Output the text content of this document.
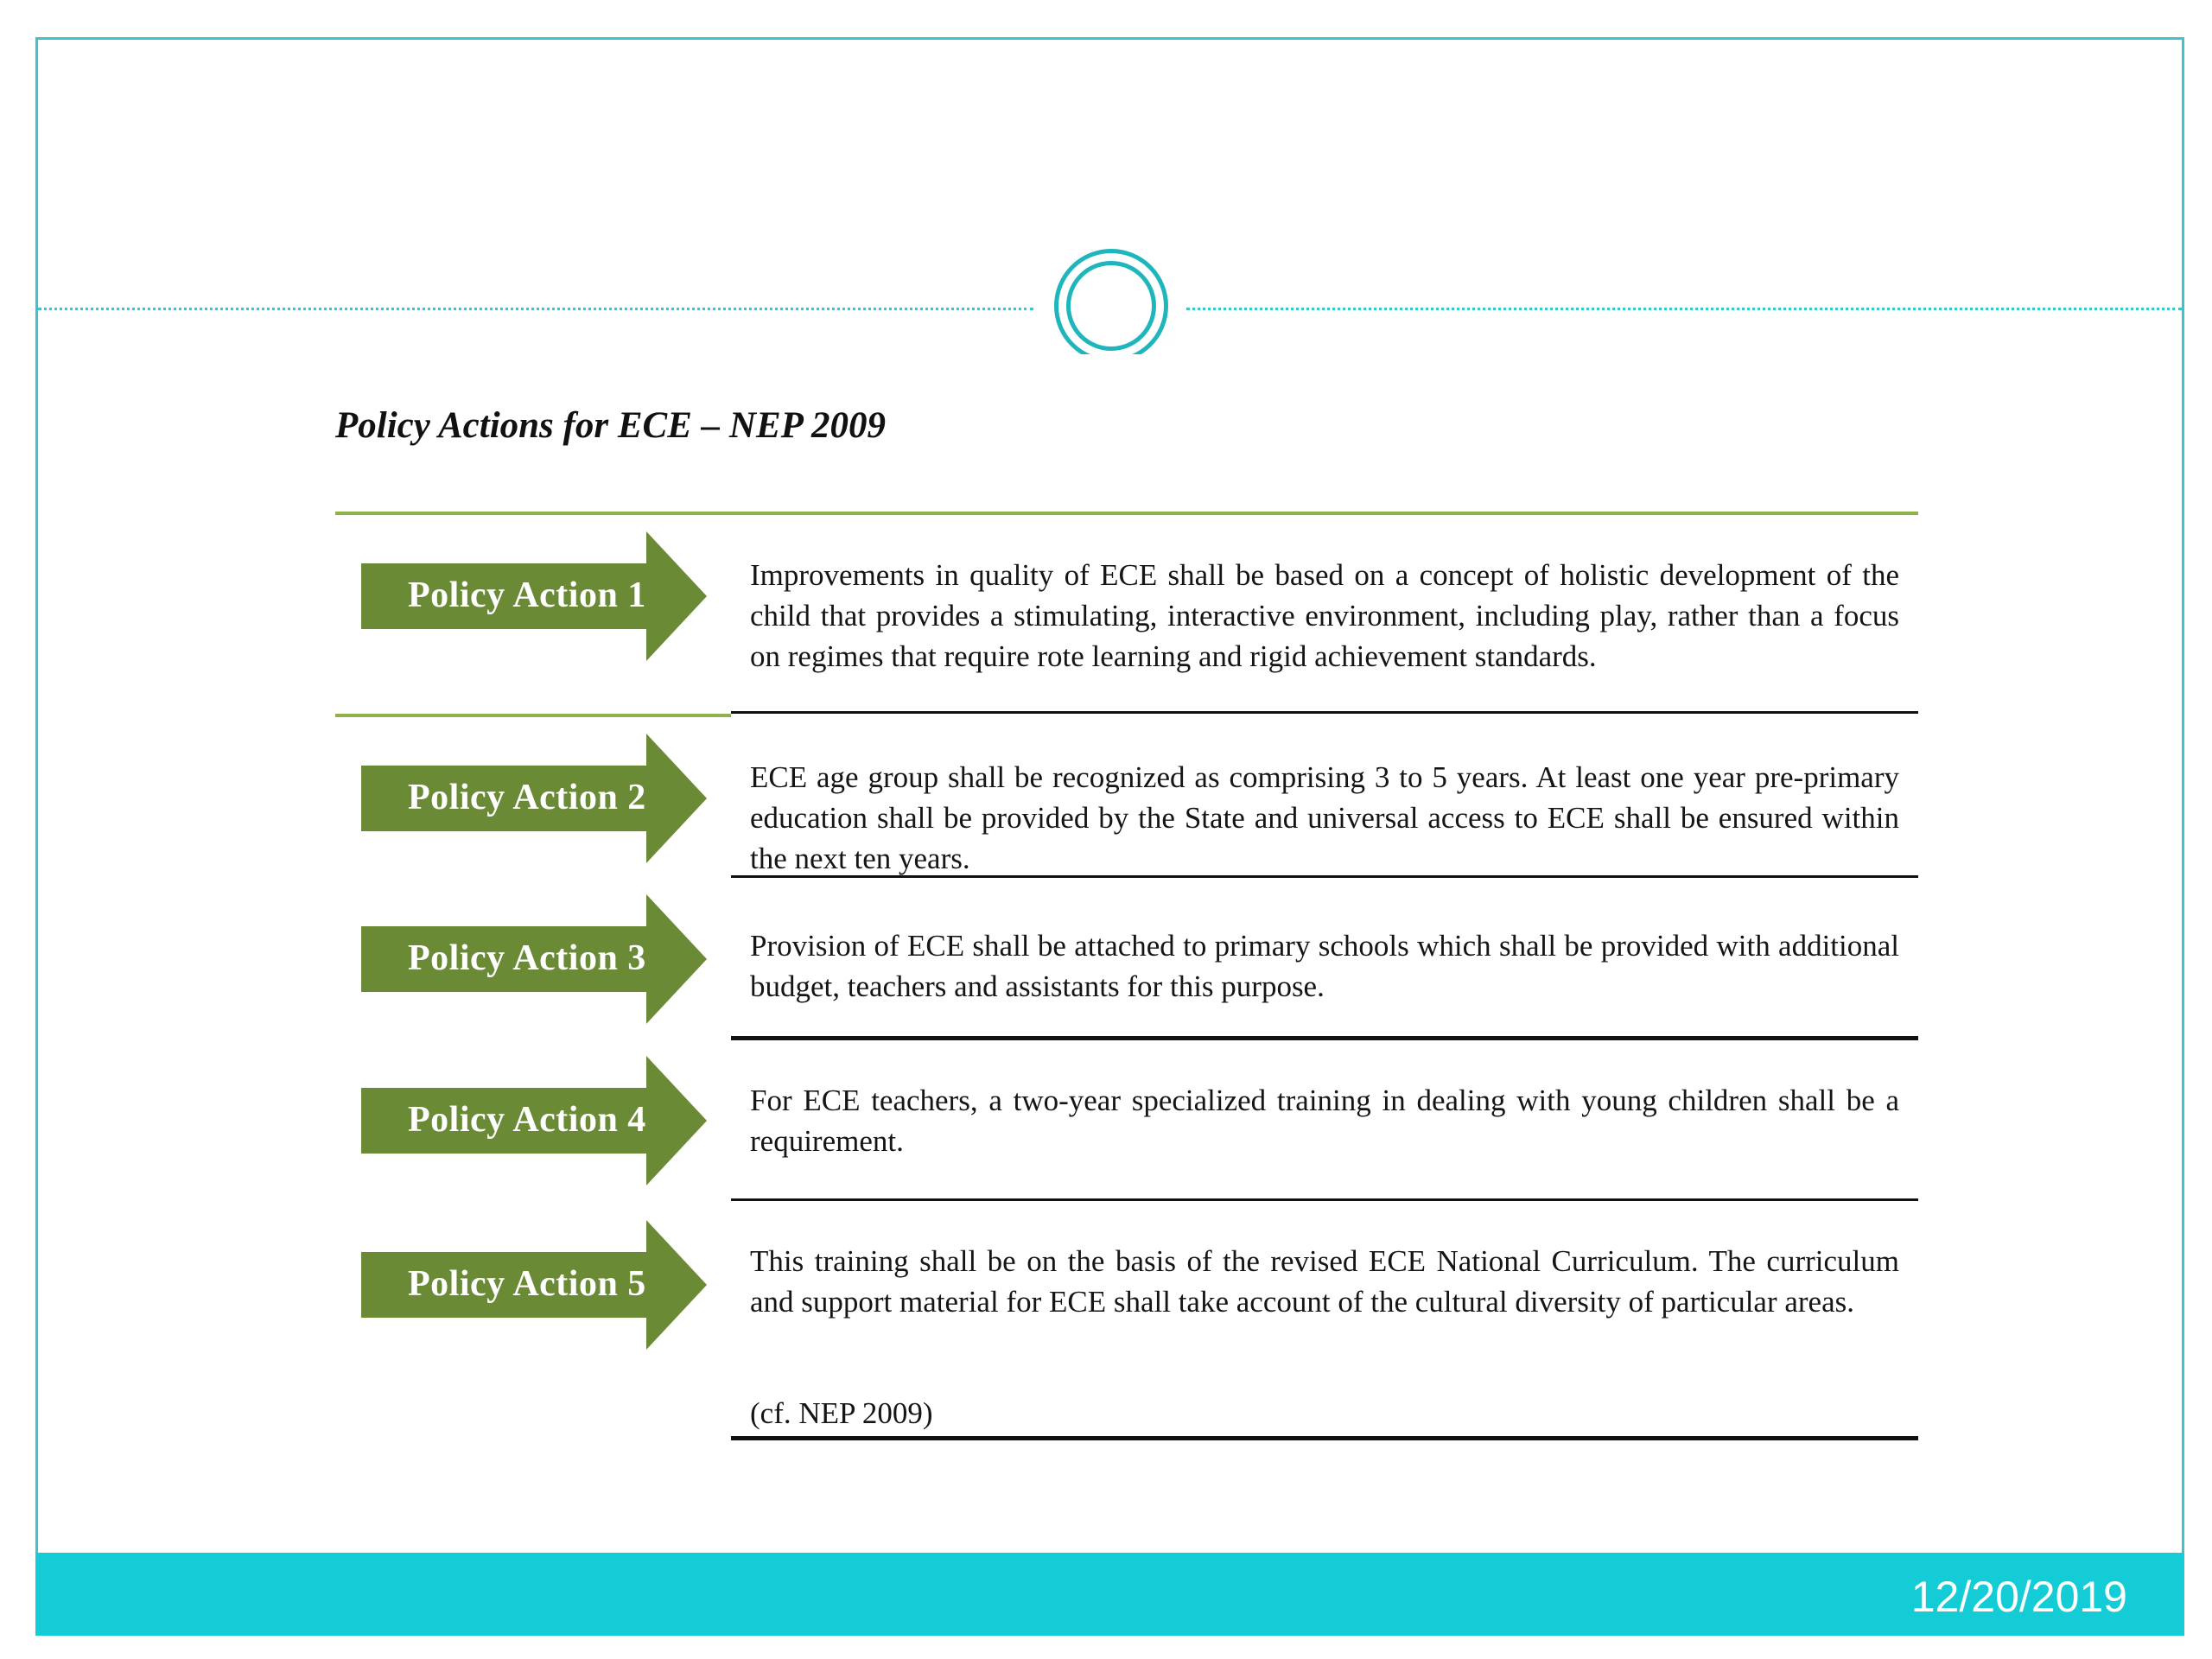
Policy Actions for ECE – NEP 2009
Policy Action 1
Improvements in quality of ECE shall be based on a concept of holistic development of the child that provides a stimulating, interactive environment, including play, rather than a focus on regimes that require rote learning and rigid achievement standards.
Policy Action 2
ECE age group shall be recognized as comprising 3 to 5 years. At least one year pre-primary education shall be provided by the State and universal access to ECE shall be ensured within the next ten years.
Policy Action 3	Provision of ECE shall be attached to primary schools which shall be provided with additional budget, teachers and assistants for this purpose.
Policy Action 4	For ECE teachers, a two-year specialized training in dealing with young children shall be a requirement.
Policy Action 5
This training shall be on the basis of the revised ECE National Curriculum. The curriculum and support material for ECE shall take account of the cultural diversity of particular areas.
(cf. NEP 2009)
12/20/2019
